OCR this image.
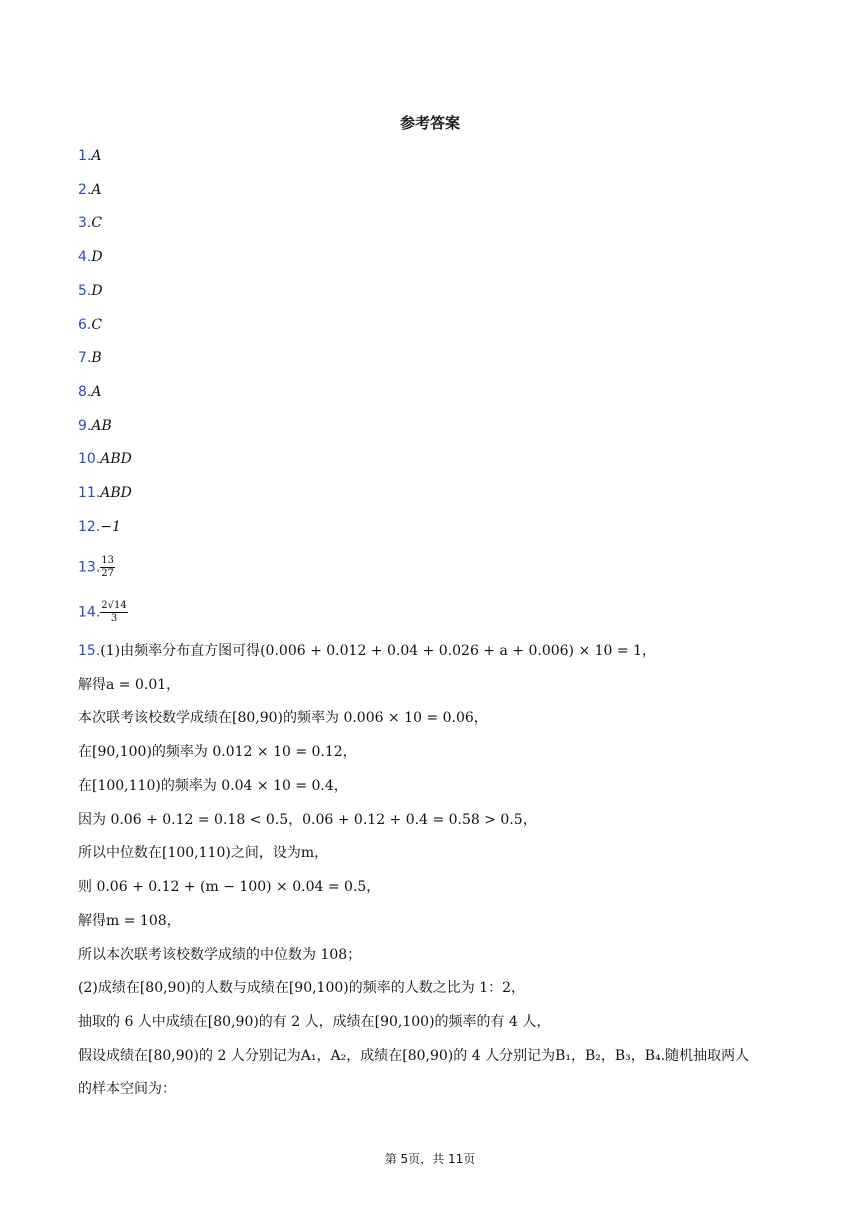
参考答案
1.A
2.A
3.C
4.D
5.D
6.C
7.B
8.A
9.AB
10.ABD
11.ABD
12.−1
13. $\frac{13}{27}$
14. $\frac{2√14}{3}$
15.(1)由频率分布直方图可得(0.006 + 0.012 + 0.04 + 0.026 + a + 0.006) × 10 = 1，
解得a = 0.01，
本次联考该校数学成绩在[80,90)的频率为 0.006 × 10 = 0.06，
在[90,100)的频率为 0.012 × 10 = 0.12，
在[100,110)的频率为 0.04 × 10 = 0.4，
因为 0.06 + 0.12 = 0.18 < 0.5，0.06 + 0.12 + 0.4 = 0.58 > 0.5，
所以中位数在[100,110)之间，设为m，
则 0.06 + 0.12 + (m − 100) × 0.04 = 0.5，
解得m = 108，
所以本次联考该校数学成绩的中位数为 108；
(2)成绩在[80,90)的人数与成绩在[90,100)的频率的人数之比为 1：2，
抽取的 6 人中成绩在[80,90)的有 2 人，成绩在[90,100)的频率的有 4 人，
假设成绩在[80,90)的 2 人分别记为A₁，A₂，成绩在[80,90)的 4 人分别记为B₁，B₂，B₃，B₄.随机抽取两人
的样本空间为：
第 5页，共 11页
